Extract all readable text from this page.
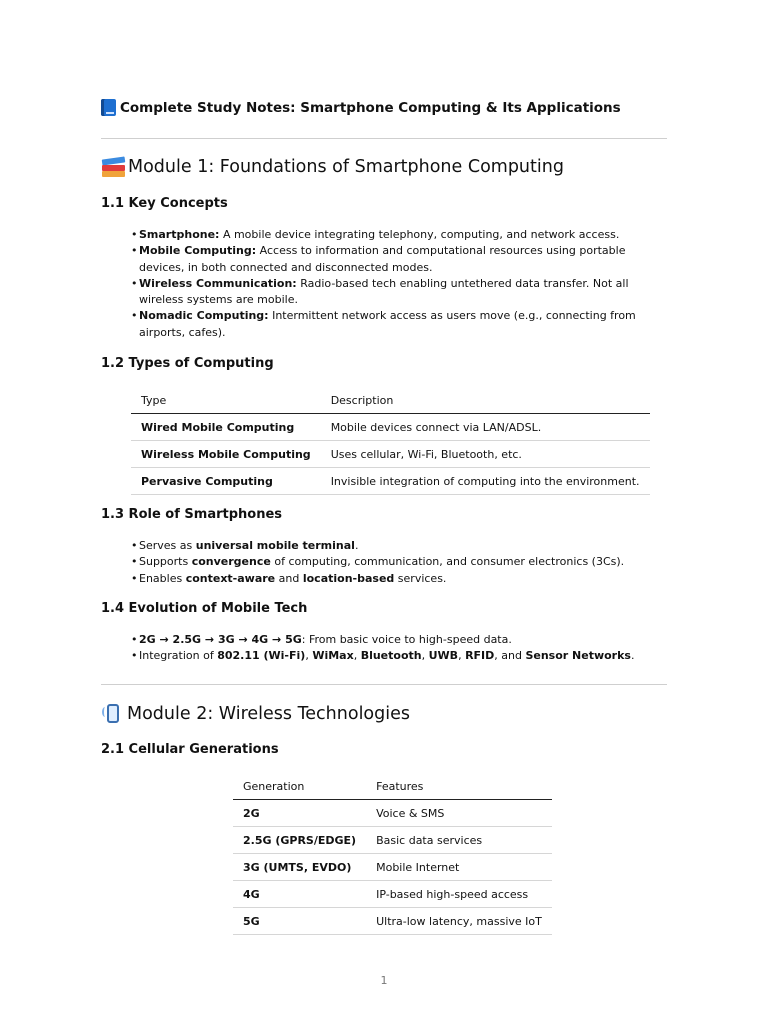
Complete Study Notes: Smartphone Computing & Its Applications
Module 1: Foundations of Smartphone Computing
1.1 Key Concepts
• Smartphone: A mobile device integrating telephony, computing, and network access.
• Mobile Computing: Access to information and computational resources using portable devices, in both connected and disconnected modes.
• Wireless Communication: Radio-based tech enabling untethered data transfer. Not all wireless systems are mobile.
• Nomadic Computing: Intermittent network access as users move (e.g., connecting from airports, cafes).
1.2 Types of Computing
Type	Description
Wired Mobile Computing	Mobile devices connect via LAN/ADSL.
Wireless Mobile Computing	Uses cellular, Wi-Fi, Bluetooth, etc.
Pervasive Computing	Invisible integration of computing into the environment.
1.3 Role of Smartphones
• Serves as universal mobile terminal.
• Supports convergence of computing, communication, and consumer electronics (3Cs).
• Enables context-aware and location-based services.
1.4 Evolution of Mobile Tech
• 2G → 2.5G → 3G → 4G → 5G: From basic voice to high-speed data.
• Integration of 802.11 (Wi-Fi), WiMax, Bluetooth, UWB, RFID, and Sensor Networks.
Module 2: Wireless Technologies
2.1 Cellular Generations
Generation	Features
2G	Voice & SMS
2.5G (GPRS/EDGE)	Basic data services
3G (UMTS, EVDO)	Mobile Internet
4G	IP-based high-speed access
5G	Ultra-low latency, massive IoT
1
